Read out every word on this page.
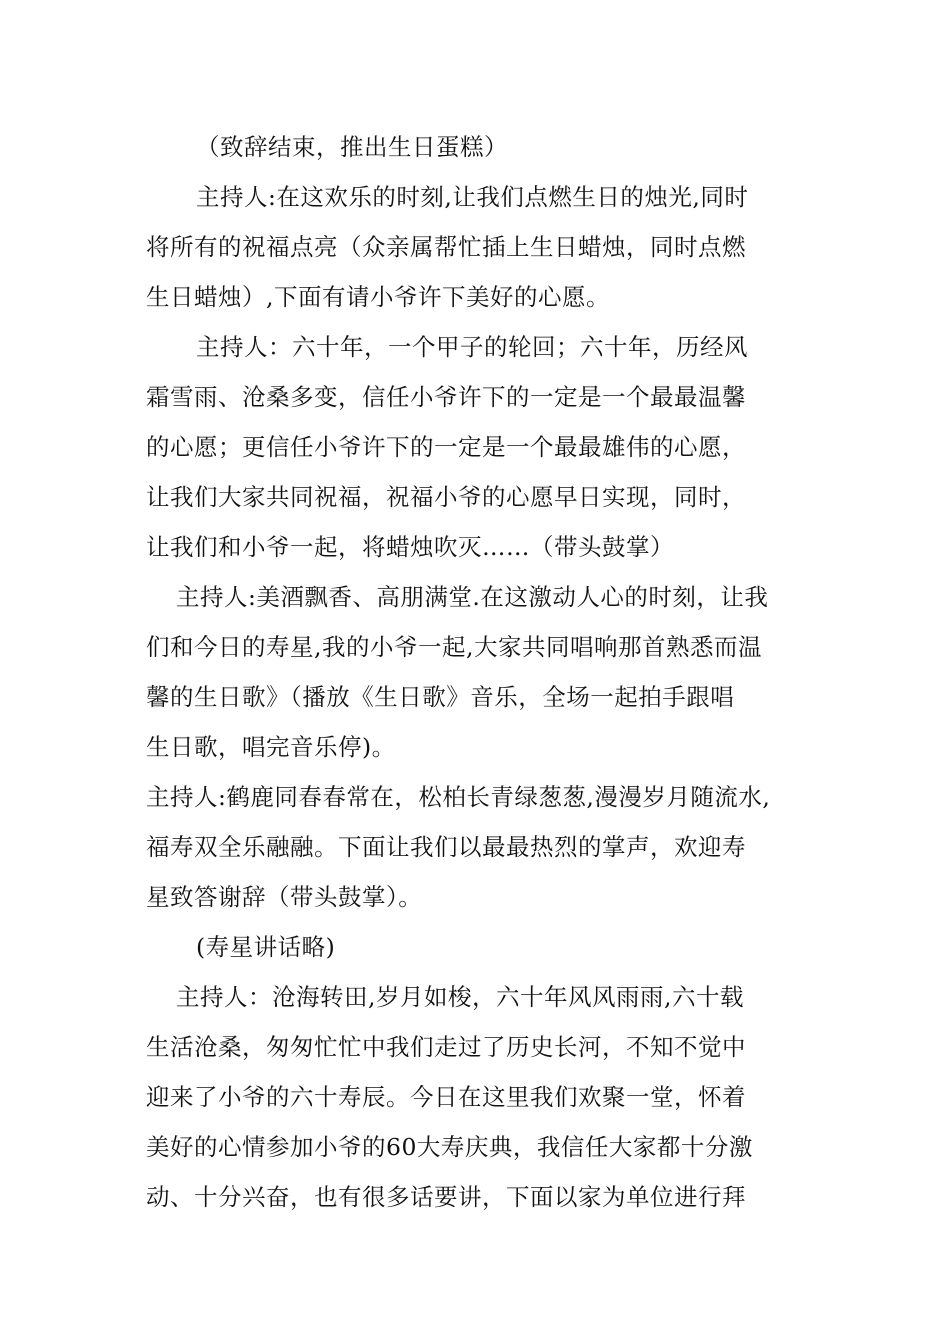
（致辞结束，推出生日蛋糕）
主持人:在这欢乐的时刻,让我们点燃生日的烛光,同时
将所有的祝福点亮（众亲属帮忙插上生日蜡烛，同时点燃
生日蜡烛）,下面有请小爷许下美好的心愿。
主持人：六十年，一个甲子的轮回；六十年，历经风
霜雪雨、沧桑多变，信任小爷许下的一定是一个最最温馨
的心愿；更信任小爷许下的一定是一个最最雄伟的心愿，
让我们大家共同祝福，祝福小爷的心愿早日实现，同时，
让我们和小爷一起，将蜡烛吹灭……（带头鼓掌）
主持人:美酒飘香、高朋满堂.在这激动人心的时刻，让我
们和今日的寿星,我的小爷一起,大家共同唱响那首熟悉而温
馨的生日歌》（播放《生日歌》音乐，全场一起拍手跟唱
生日歌，唱完音乐停)。
主持人:鹤鹿同春春常在，松柏长青绿葱葱,漫漫岁月随流水,
福寿双全乐融融。下面让我们以最最热烈的掌声，欢迎寿
星致答谢辞（带头鼓掌）。
(寿星讲话略)
主持人：沧海转田,岁月如梭，六十年风风雨雨,六十载
生活沧桑，匆匆忙忙中我们走过了历史长河，不知不觉中
迎来了小爷的六十寿辰。今日在这里我们欢聚一堂，怀着
美好的心情参加小爷的60大寿庆典，我信任大家都十分激
动、十分兴奋，也有很多话要讲，下面以家为单位进行拜
